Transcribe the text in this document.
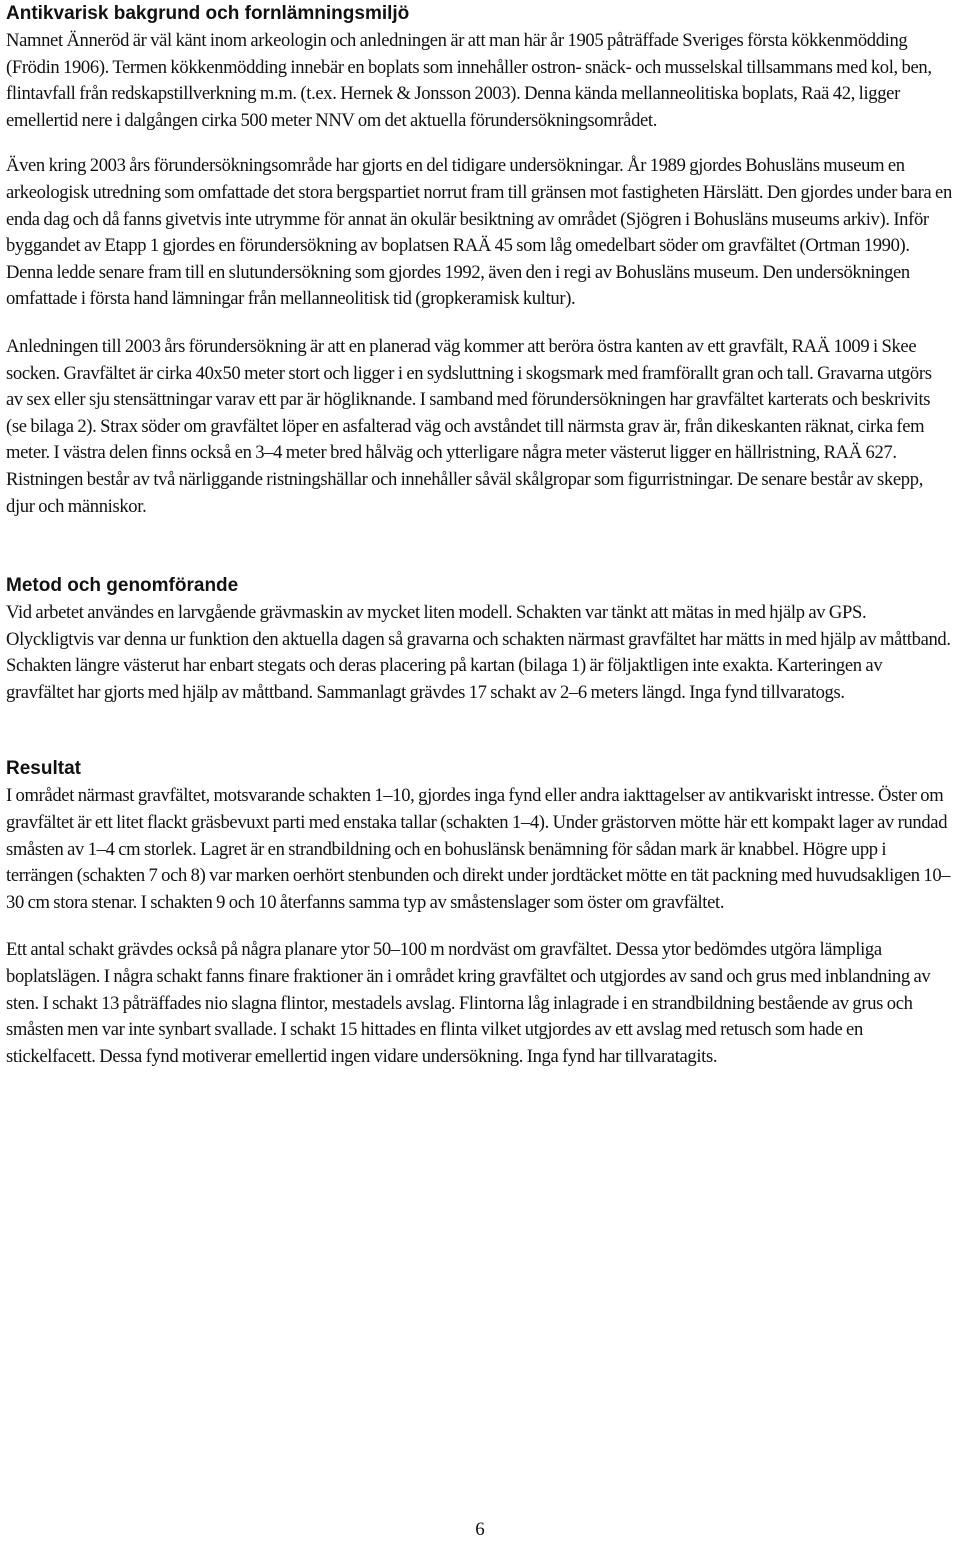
Antikvarisk bakgrund och fornlämningsmiljö

Namnet Änneröd är väl känt inom arkeologin och anledningen är att man här år 1905 påträffade Sveriges första kökkenmödding (Frödin 1906). Termen kökkenmödding innebär en boplats som innehåller ostron- snäck- och musselskal tillsammans med kol, ben, flintavfall från redskapstillverkning m.m. (t.ex. Hernek & Jonsson 2003). Denna kända mellanneolitiska boplats, Raä 42, ligger emellertid nere i dalgången cirka 500 meter NNV om det aktuella förundersökningsområdet.

Även kring 2003 års förundersökningsområde har gjorts en del tidigare undersökningar. År 1989 gjordes Bohusläns museum en arkeologisk utredning som omfattade det stora bergspartiet norrut fram till gränsen mot fastigheten Härslätt. Den gjordes under bara en enda dag och då fanns givetvis inte utrymme för annat än okulär besiktning av området (Sjögren i Bohusläns museums arkiv). Inför byggandet av Etapp 1 gjordes en förundersökning av boplatsen RAÄ 45 som låg omedelbart söder om gravfältet (Ortman 1990). Denna ledde senare fram till en slutundersökning som gjordes 1992, även den i regi av Bohusläns museum. Den undersökningen omfattade i första hand lämningar från mellanneolitisk tid (gropkeramisk kultur).

Anledningen till 2003 års förundersökning är att en planerad väg kommer att beröra östra kanten av ett gravfält, RAÄ 1009 i Skee socken. Gravfältet är cirka 40x50 meter stort och ligger i en sydsluttning i skogsmark med framförallt gran och tall. Gravarna utgörs av sex eller sju stensättningar varav ett par är högliknande. I samband med förundersökningen har gravfältet karterats och beskrivits (se bilaga 2). Strax söder om gravfältet löper en asfalterad väg och avståndet till närmsta grav är, från dikeskanten räknat, cirka fem meter. I västra delen finns också en 3–4 meter bred hålväg och ytterligare några meter västerut ligger en hällristning, RAÄ 627. Ristningen består av två närliggande ristningshällar och innehåller såväl skålgropar som figurristningar. De senare består av skepp, djur och människor.

Metod och genomförande

Vid arbetet användes en larvgående grävmaskin av mycket liten modell. Schakten var tänkt att mätas in med hjälp av GPS. Olyckligtvis var denna ur funktion den aktuella dagen så gravarna och schakten närmast gravfältet har mätts in med hjälp av måttband. Schakten längre västerut har enbart stegats och deras placering på kartan (bilaga 1) är följaktligen inte exakta. Karteringen av gravfältet har gjorts med hjälp av måttband. Sammanlagt grävdes 17 schakt av 2–6 meters längd. Inga fynd tillvaratogs.

Resultat

I området närmast gravfältet, motsvarande schakten 1–10, gjordes inga fynd eller andra iakttagelser av antikvariskt intresse. Öster om gravfältet är ett litet flackt gräsbevuxt parti med enstaka tallar (schakten 1–4). Under grästorven mötte här ett kompakt lager av rundad småsten av 1–4 cm storlek. Lagret är en strandbildning och en bohuslänsk benämning för sådan mark är knabbel. Högre upp i terrängen (schakten 7 och 8) var marken oerhört stenbunden och direkt under jordtäcket mötte en tät packning med huvudsakligen 10–30 cm stora stenar. I schakten 9 och 10 återfanns samma typ av småstenslager som öster om gravfältet.

Ett antal schakt grävdes också på några planare ytor 50–100 m nordväst om gravfältet. Dessa ytor bedömdes utgöra lämpliga boplatslägen. I några schakt fanns finare fraktioner än i området kring gravfältet och utgjordes av sand och grus med inblandning av sten. I schakt 13 påträffades nio slagna flintor, mestadels avslag. Flintorna låg inlagrade i en strandbildning bestående av grus och småsten men var inte synbart svallade. I schakt 15 hittades en flinta vilket utgjordes av ett avslag med retusch som hade en stickelfacett. Dessa fynd motiverar emellertid ingen vidare undersökning. Inga fynd har tillvaratagits.

6
